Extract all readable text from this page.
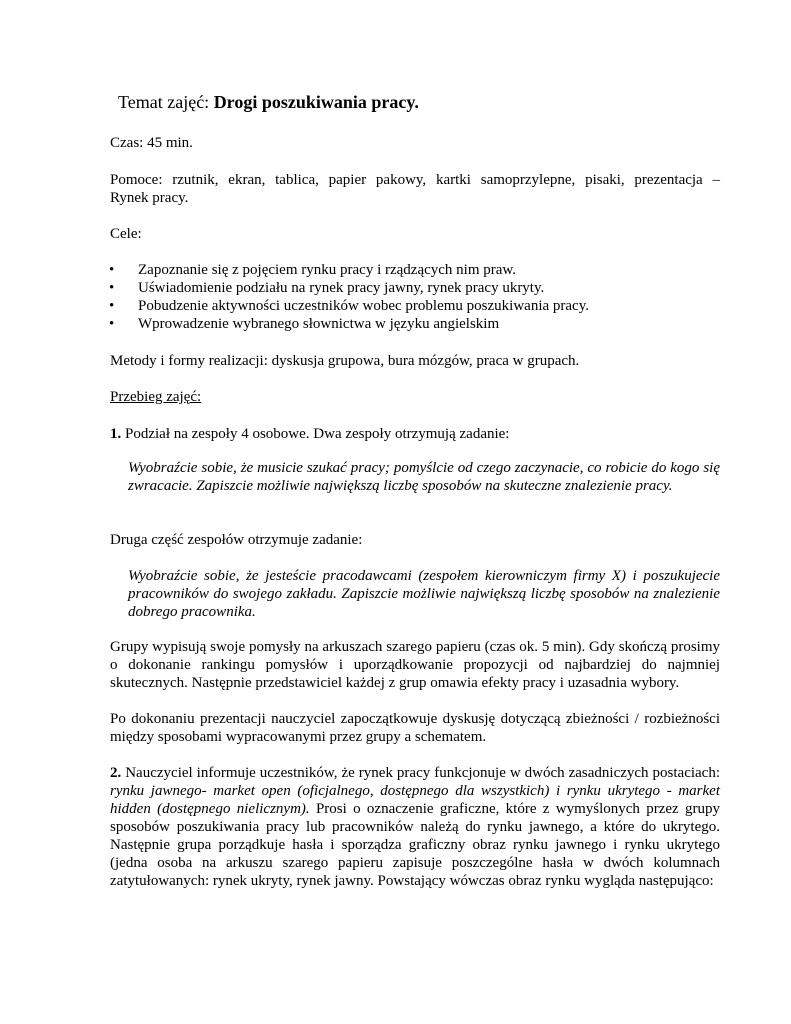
Temat zajęć: Drogi poszukiwania pracy.
Czas: 45 min.
Pomoce: rzutnik, ekran, tablica, papier pakowy, kartki samoprzylepne, pisaki, prezentacja –
Rynek pracy.
Cele:
• Zapoznanie się z pojęciem rynku pracy i rządzących nim praw.
• Uświadomienie podziału na rynek pracy jawny, rynek pracy ukryty.
• Pobudzenie aktywności uczestników wobec problemu poszukiwania pracy.
• Wprowadzenie wybranego słownictwa w języku angielskim
Metody i formy realizacji: dyskusja grupowa, bura mózgów, praca w grupach.
Przebieg zajęć:
1. Podział na zespoły 4 osobowe. Dwa zespoły otrzymują zadanie:
Wyobraźcie sobie, że musicie szukać pracy; pomyślcie od czego zaczynacie, co robicie do kogo się zwracacie. Zapiszcie możliwie największą liczbę sposobów na skuteczne znalezienie pracy.
Druga część zespołów otrzymuje zadanie:
Wyobraźcie sobie, że jesteście pracodawcami (zespołem kierowniczym firmy X) i poszukujecie pracowników do swojego zakładu. Zapiszcie możliwie największą liczbę sposobów na znalezienie dobrego pracownika.
Grupy wypisują swoje pomysły na arkuszach szarego papieru (czas ok. 5 min). Gdy skończą prosimy o dokonanie rankingu pomysłów i uporządkowanie propozycji od najbardziej do najmniej skutecznych. Następnie przedstawiciel każdej z grup omawia efekty pracy i uzasadnia wybory.
Po dokonaniu prezentacji nauczyciel zapoczątkowuje dyskusję dotyczącą zbieżności / rozbieżności między sposobami wypracowanymi przez grupy a schematem.
2. Nauczyciel informuje uczestników, że rynek pracy funkcjonuje w dwóch zasadniczych postaciach: rynku jawnego- market open (oficjalnego, dostępnego dla wszystkich) i rynku ukrytego - market hidden (dostępnego nielicznym). Prosi o oznaczenie graficzne, które z wymyślonych przez grupy sposobów poszukiwania pracy lub pracowników należą do rynku jawnego, a które do ukrytego. Następnie grupa porządkuje hasła i sporządza graficzny obraz rynku jawnego i rynku ukrytego (jedna osoba na arkuszu szarego papieru zapisuje poszczególne hasła w dwóch kolumnach zatytułowanych: rynek ukryty, rynek jawny. Powstający wówczas obraz rynku wygląda następująco:
